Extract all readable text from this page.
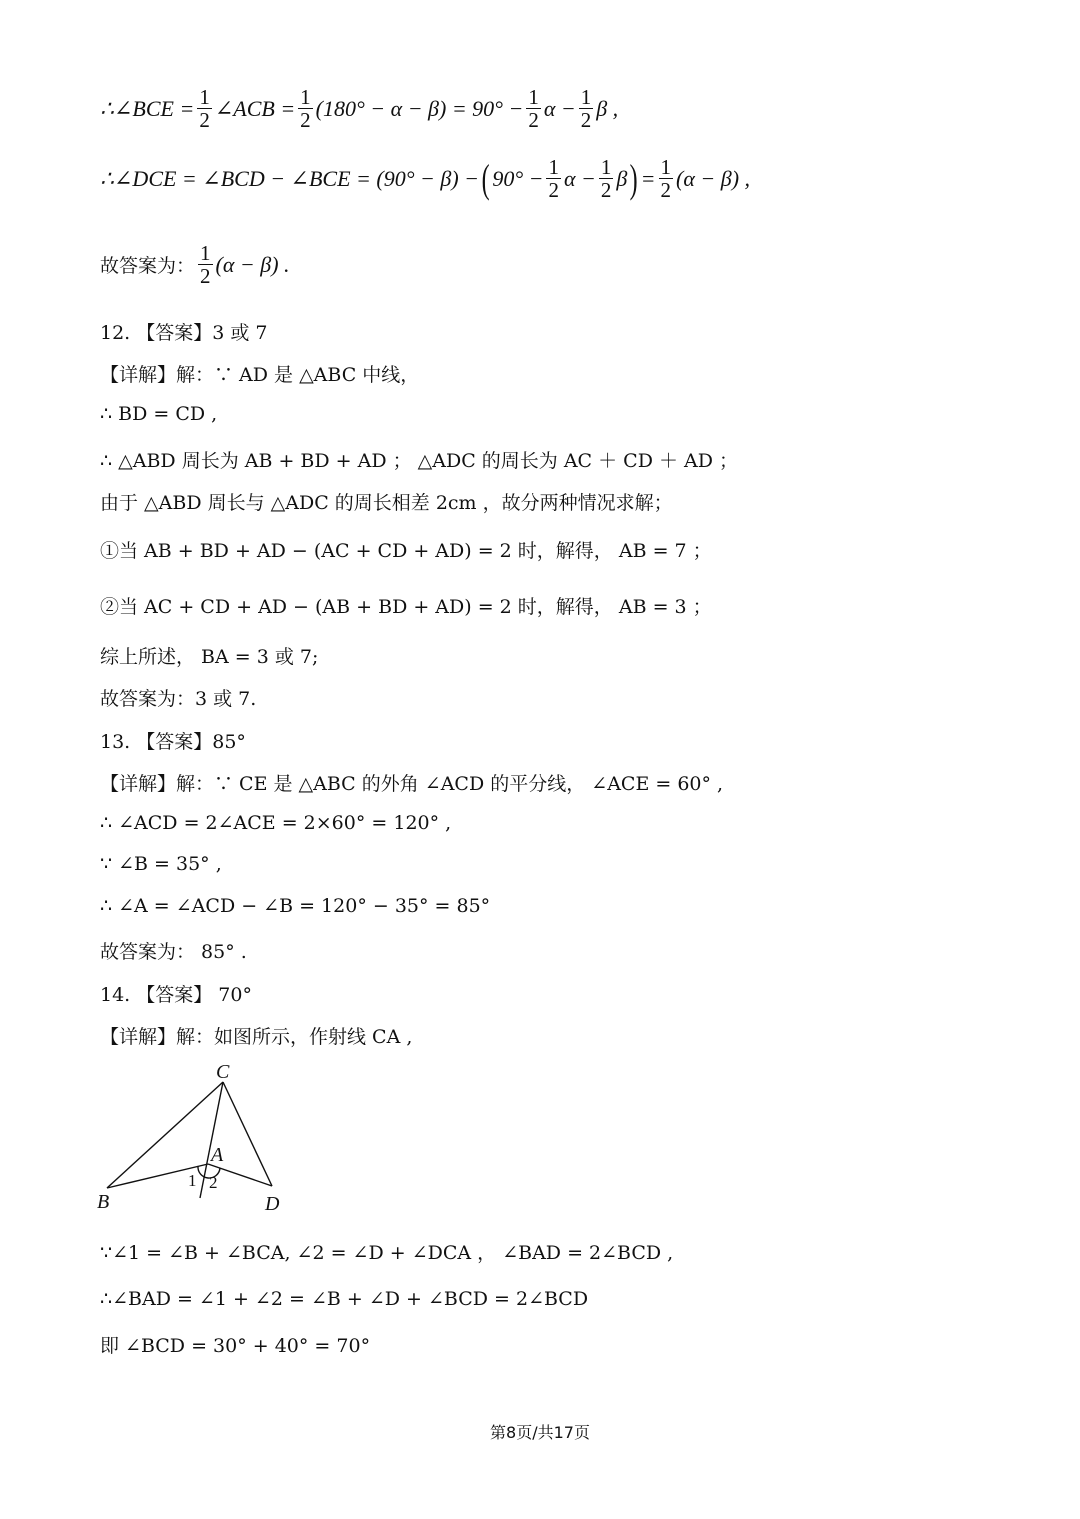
∴∠BCE = $\frac{1}{2}$ ∠ACB = $\frac{1}{2} (180^\circ - \alpha - \beta) = 90^\circ - \frac{1}{2}$ $\alpha - \frac{1}{2}$ β ,
∴∠DCE = ∠BCD − ∠BCE = (90° − β) − ( $90^\circ - \frac{1}{2}$ $\alpha - \frac{1}{2}$ β ) = $\frac{1}{2} (\alpha - \beta)$ ,
故答案为： $\frac{1}{2} (\alpha - \beta)$ .
12. 【答案】3 或 7
【详解】解：∵ AD 是 △ABC 中线，
∴ BD = CD ,
∴ △ABD 周长为 AB + BD + AD ； △ADC 的周长为 AC ＋ CD ＋ AD ；
由于 △ABD 周长与 △ADC 的周长相差 2cm ，故分两种情况求解；
①当 AB + BD + AD − (AC + CD + AD) = 2 时，解得， AB = 7 ；
②当 AC + CD + AD − (AB + BD + AD) = 2 时，解得， AB = 3 ；
综上所述， BA = 3 或 7;
故答案为：3 或 7.
13. 【答案】85°
【详解】解：∵ CE 是 △ABC 的外角 ∠ACD 的平分线， ∠ACE = 60° ,
∴ ∠ACD = 2∠ACE = 2×60° = 120° ,
∵ ∠B = 35° ,
∴ ∠A = ∠ACD − ∠B = 120° − 35° = 85°
故答案为： 85° .
14. 【答案】 70°
【详解】解：如图所示，作射线 CA ,
C
A
B	D
1 2
∵∠1 = ∠B + ∠BCA, ∠2 = ∠D + ∠DCA ， ∠BAD = 2∠BCD ,
∴∠BAD = ∠1 + ∠2 = ∠B + ∠D + ∠BCD = 2∠BCD
即 ∠BCD = 30° + 40° = 70°
第8页/共17页
